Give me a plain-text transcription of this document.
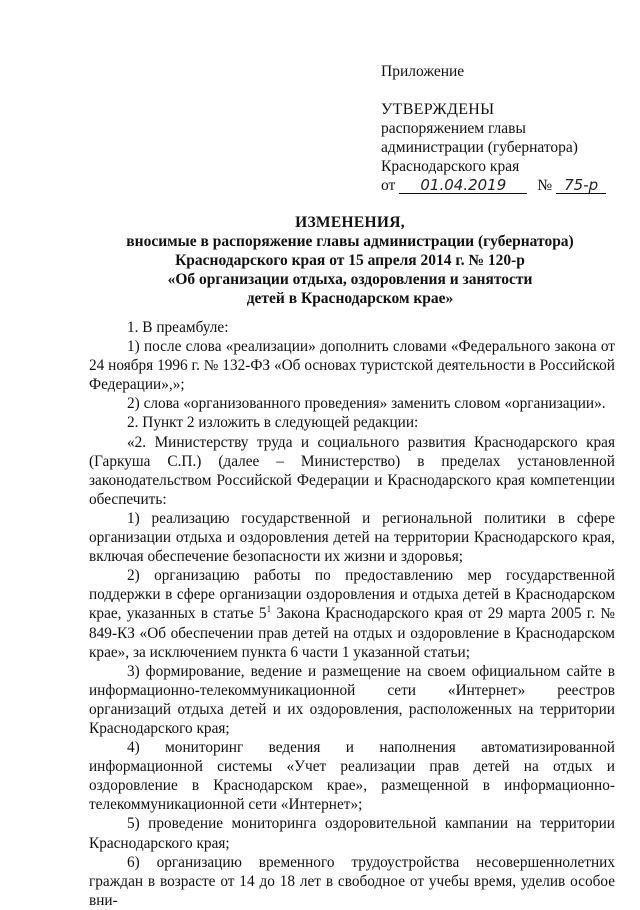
Приложение
УТВЕРЖДЕНЫ
распоряжением главы
администрации (губернатора)
Краснодарского края
от 01.04.2019 № 75-р
ИЗМЕНЕНИЯ,
вносимые в распоряжение главы администрации (губернатора)
Краснодарского края от 15 апреля 2014 г. № 120-р
«Об организации отдыха, оздоровления и занятости
детей в Краснодарском крае»

1. В преамбуле:

1) после слова «реализации» дополнить словами «Федерального закона от 24 ноября 1996 г. № 132-ФЗ «Об основах туристской деятельности в Российской Федерации»,»;

2) слова «организованного проведения» заменить словом «организации».

2. Пункт 2 изложить в следующей редакции:

«2. Министерству труда и социального развития Краснодарского края (Гаркуша С.П.) (далее – Министерство) в пределах установленной законодательством Российской Федерации и Краснодарского края компетенции обеспечить:

1) реализацию государственной и региональной политики в сфере организации отдыха и оздоровления детей на территории Краснодарского края, включая обеспечение безопасности их жизни и здоровья;

2) организацию работы по предоставлению мер государственной поддержки в сфере организации оздоровления и отдыха детей в Краснодарском крае, указанных в статье $5^1$ Закона Краснодарского края от 29 марта 2005 г. № 849-КЗ «Об обеспечении прав детей на отдых и оздоровление в Краснодарском крае», за исключением пункта 6 части 1 указанной статьи;

3) формирование, ведение и размещение на своем официальном сайте в информационно-телекоммуникационной сети «Интернет» реестров организаций отдыха детей и их оздоровления, расположенных на территории Краснодарского края;

4) мониторинг ведения и наполнения автоматизированной информационной системы «Учет реализации прав детей на отдых и оздоровление в Краснодарском крае», размещенной в информационно-телекоммуникационной сети «Интернет»;

5) проведение мониторинга оздоровительной кампании на территории Краснодарского края;

6) организацию временного трудоустройства несовершеннолетних граждан в возрасте от 14 до 18 лет в свободное от учебы время, уделив особое вни-
